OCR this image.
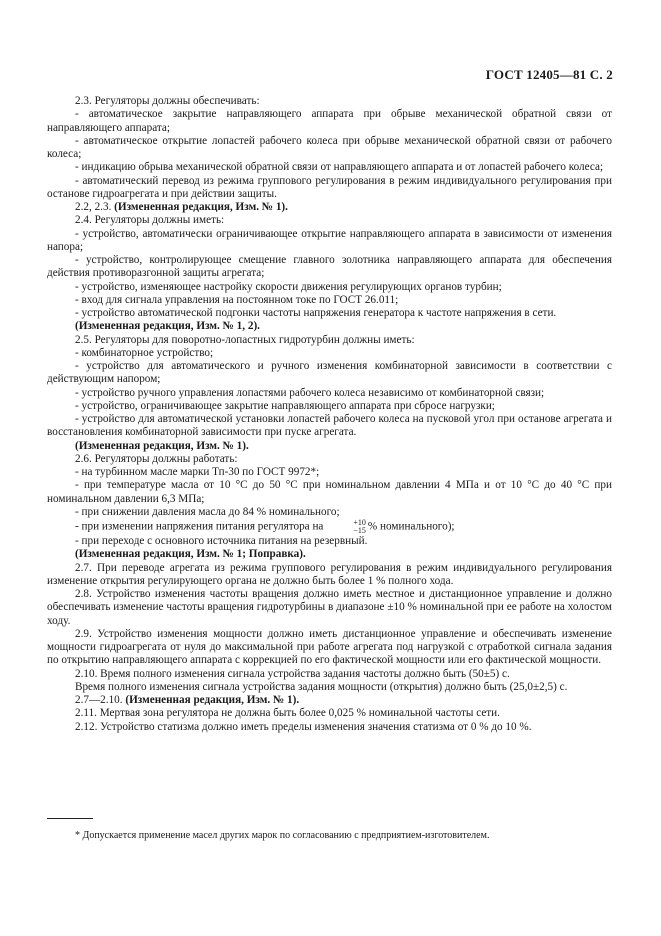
ГОСТ 12405—81 С. 2

2.3. Регуляторы должны обеспечивать:

- автоматическое закрытие направляющего аппарата при обрыве механической обратной связи от направляющего аппарата;

- автоматическое открытие лопастей рабочего колеса при обрыве механической обратной связи от рабочего колеса;

- индикацию обрыва механической обратной связи от направляющего аппарата и от лопастей рабочего колеса;

- автоматический перевод из режима группового регулирования в режим индивидуального регулирования при останове гидроагрегата и при действии защиты.

2.2, 2.3. (Измененная редакция, Изм. № 1).

2.4. Регуляторы должны иметь:

- устройство, автоматически ограничивающее открытие направляющего аппарата в зависимости от изменения напора;

- устройство, контролирующее смещение главного золотника направляющего аппарата для обеспечения действия противоразгонной защиты агрегата;

- устройство, изменяющее настройку скорости движения регулирующих органов турбин;

- вход для сигнала управления на постоянном токе по ГОСТ 26.011;

- устройство автоматической подгонки частоты напряжения генератора к частоте напряжения в сети.

(Измененная редакция, Изм. № 1, 2).

2.5. Регуляторы для поворотно-лопастных гидротурбин должны иметь:

- комбинаторное устройство;

- устройство для автоматического и ручного изменения комбинаторной зависимости в соответствии с действующим напором;

- устройство ручного управления лопастями рабочего колеса независимо от комбинаторной связи;

- устройство, ограничивающее закрытие направляющего аппарата при сбросе нагрузки;

- устройство для автоматической установки лопастей рабочего колеса на пусковой угол при останове агрегата и восстановления комбинаторной зависимости при пуске агрегата.

(Измененная редакция, Изм. № 1).

2.6. Регуляторы должны работать:

- на турбинном масле марки Тп-30 по ГОСТ 9972*;

- при температуре масла от 10 °С до 50 °С при номинальном давлении 4 МПа и от 10 °С до 40 °С при номинальном давлении 6,3 МПа;

- при снижении давления масла до 84 % номинального;

- при изменении напряжения питания регулятора на	+10
−15 % номинального);

- при переходе с основного источника питания на резервный.

(Измененная редакция, Изм. № 1; Поправка).

2.7. При переводе агрегата из режима группового регулирования в режим индивидуального регулирования изменение открытия регулирующего органа не должно быть более 1 % полного хода.

2.8. Устройство изменения частоты вращения должно иметь местное и дистанционное управление и должно обеспечивать изменение частоты вращения гидротурбины в диапазоне ±10 % номинальной при ее работе на холостом ходу.

2.9. Устройство изменения мощности должно иметь дистанционное управление и обеспечивать изменение мощности гидроагрегата от нуля до максимальной при работе агрегата под нагрузкой с отработкой сигнала задания по открытию направляющего аппарата с коррекцией по его фактической мощности или его фактической мощности.

2.10. Время полного изменения сигнала устройства задания частоты должно быть (50±5) с.

Время полного изменения сигнала устройства задания мощности (открытия) должно быть (25,0±2,5) с.

2.7—2.10. (Измененная редакция, Изм. № 1).

2.11. Мертвая зона регулятора не должна быть более 0,025 % номинальной частоты сети.

2.12. Устройство статизма должно иметь пределы изменения значения статизма от 0 % до 10 %.

* Допускается применение масел других марок по согласованию с предприятием-изготовителем.
